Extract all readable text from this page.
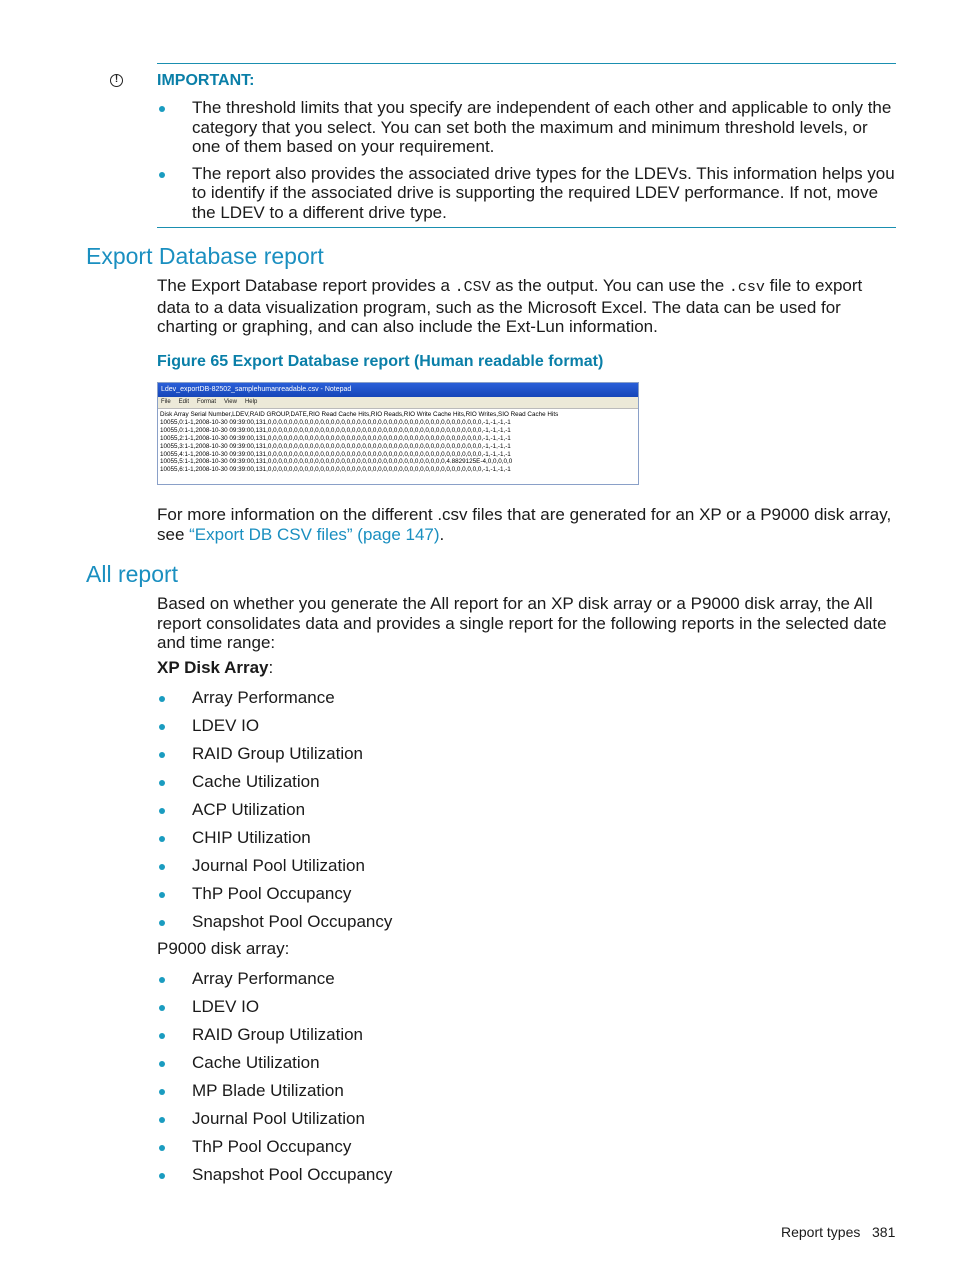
!	IMPORTANT:
The threshold limits that you specify are independent of each other and applicable to only the category that you select. You can set both the maximum and minimum threshold levels, or one of them based on your requirement.
The report also provides the associated drive types for the LDEVs. This information helps you to identify if the associated drive is supporting the required LDEV performance. If not, move the LDEV to a different drive type.
Export Database report
The Export Database report provides a .CSV as the output. You can use the .csv file to export data to a data visualization program, such as the Microsoft Excel. The data can be used for charting or graphing, and can also include the Ext-Lun information.
Figure 65 Export Database report (Human readable format)
Ldev_exportDB-82502_samplehumanreadable.csv - Notepad
File Edit Format View Help
Disk Array Serial Number,LDEV,RAID GROUP,DATE,RIO Read Cache Hits,RIO Reads,RIO Write Cache Hits,RIO Writes,SIO Read Cache Hits
10055,0:1-1,2008-10-30 09:39:00,131,0,0,0,0,0,0,0,0,0,0,0,0,0,0,0,0,0,0,0,0,0,0,0,0,0,0,0,0,0,0,0,0,0,0,0,0,0,0,0,0,0,-1,-1,-1,-1
10055,0:1-1,2008-10-30 09:39:00,131,0,0,0,0,0,0,0,0,0,0,0,0,0,0,0,0,0,0,0,0,0,0,0,0,0,0,0,0,0,0,0,0,0,0,0,0,0,0,0,0,0,-1,-1,-1,-1
10055,2:1-1,2008-10-30 09:39:00,131,0,0,0,0,0,0,0,0,0,0,0,0,0,0,0,0,0,0,0,0,0,0,0,0,0,0,0,0,0,0,0,0,0,0,0,0,0,0,0,0,0,-1,-1,-1,-1
10055,3:1-1,2008-10-30 09:39:00,131,0,0,0,0,0,0,0,0,0,0,0,0,0,0,0,0,0,0,0,0,0,0,0,0,0,0,0,0,0,0,0,0,0,0,0,0,0,0,0,0,0,-1,-1,-1,-1
10055,4:1-1,2008-10-30 09:39:00,131,0,0,0,0,0,0,0,0,0,0,0,0,0,0,0,0,0,0,0,0,0,0,0,0,0,0,0,0,0,0,0,0,0,0,0,0,0,0,0,0,0,-1,-1,-1,-1
10055,5:1-1,2008-10-30 09:39:00,131,0,0,0,0,0,0,0,0,0,0,0,0,0,0,0,0,0,0,0,0,0,0,0,0,0,0,0,0,0,0,0,0,0,0,4.8829125E-4,0,0,0,0,0
10055,6:1-1,2008-10-30 09:39:00,131,0,0,0,0,0,0,0,0,0,0,0,0,0,0,0,0,0,0,0,0,0,0,0,0,0,0,0,0,0,0,0,0,0,0,0,0,0,0,0,0,0,-1,-1,-1,-1
For more information on the different .csv files that are generated for an XP or a P9000 disk array, see “Export DB CSV files” (page 147).
All report
Based on whether you generate the All report for an XP disk array or a P9000 disk array, the All report consolidates data and provides a single report for the following reports in the selected date and time range:
XP Disk Array:
Array Performance
LDEV IO
RAID Group Utilization
Cache Utilization
ACP Utilization
CHIP Utilization
Journal Pool Utilization
ThP Pool Occupancy
Snapshot Pool Occupancy
P9000 disk array:
Array Performance
LDEV IO
RAID Group Utilization
Cache Utilization
MP Blade Utilization
Journal Pool Utilization
ThP Pool Occupancy
Snapshot Pool Occupancy
Report types 381
